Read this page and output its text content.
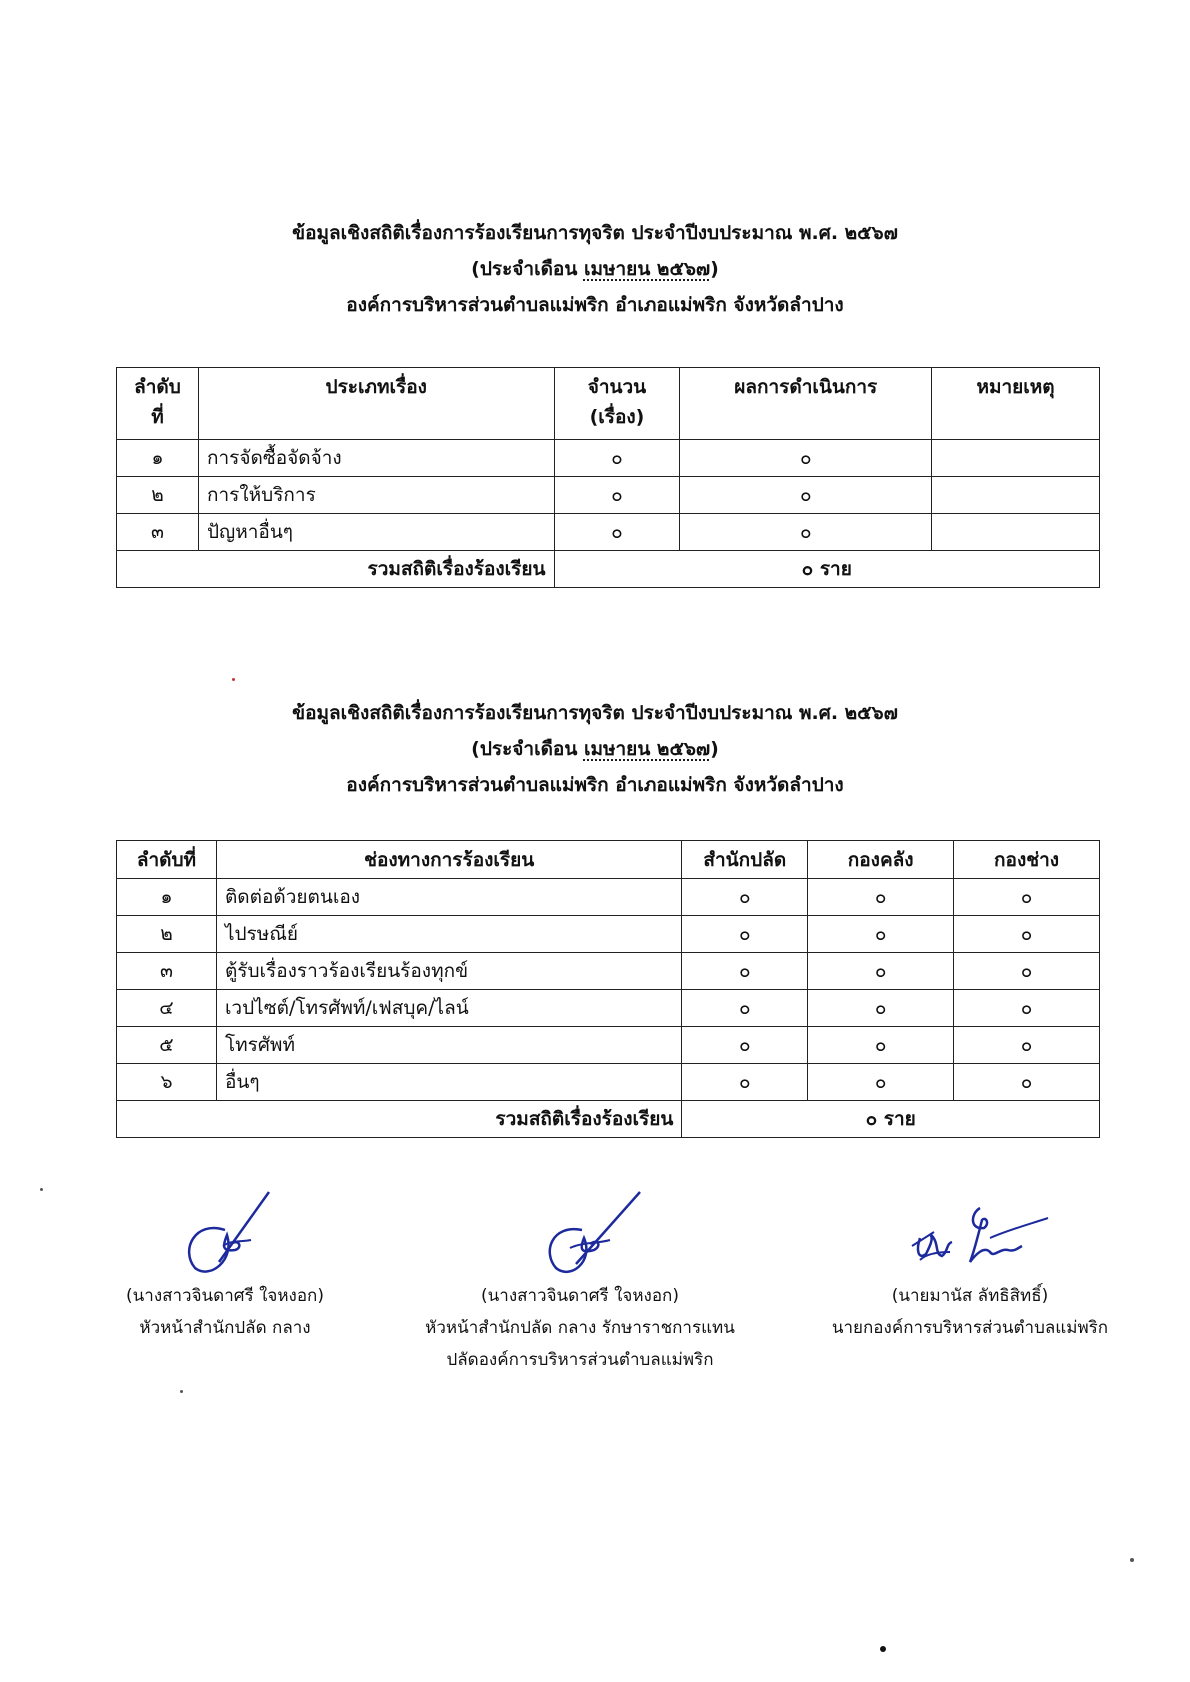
ข้อมูลเชิงสถิติเรื่องการร้องเรียนการทุจริต ประจำปีงบประมาณ พ.ศ. ๒๕๖๗
(ประจำเดือน เมษายน ๒๕๖๗)
องค์การบริหารส่วนตำบลแม่พริก อำเภอแม่พริก จังหวัดลำปาง
ลำดับ ที่	ประเภทเรื่อง	จำนวน (เรื่อง)	ผลการดำเนินการ	หมายเหตุ
๑	การจัดซื้อจัดจ้าง	๐	๐	
๒	การให้บริการ	๐	๐	
๓	ปัญหาอื่นๆ	๐	๐	
รวมสถิติเรื่องร้องเรียน		๐ ราย		
ข้อมูลเชิงสถิติเรื่องการร้องเรียนการทุจริต ประจำปีงบประมาณ พ.ศ. ๒๕๖๗
(ประจำเดือน เมษายน ๒๕๖๗)
องค์การบริหารส่วนตำบลแม่พริก อำเภอแม่พริก จังหวัดลำปาง
ลำดับที่	ช่องทางการร้องเรียน	สำนักปลัด	กองคลัง	กองช่าง
๑	ติดต่อด้วยตนเอง	๐	๐	๐
๒	ไปรษณีย์	๐	๐	๐
๓	ตู้รับเรื่องราวร้องเรียนร้องทุกข์	๐	๐	๐
๔	เวปไซต์/โทรศัพท์/เฟสบุค/ไลน์	๐	๐	๐
๕	โทรศัพท์	๐	๐	๐
๖	อื่นๆ	๐	๐	๐
รวมสถิติเรื่องร้องเรียน		๐ ราย		
(นางสาวจินดาศรี ใจหงอก)
หัวหน้าสำนักปลัด กลาง
(นางสาวจินดาศรี ใจหงอก)
หัวหน้าสำนักปลัด กลาง รักษาราชการแทน
ปลัดองค์การบริหารส่วนตำบลแม่พริก
(นายมานัส ลัทธิสิทธิ์)
นายกองค์การบริหารส่วนตำบลแม่พริก
